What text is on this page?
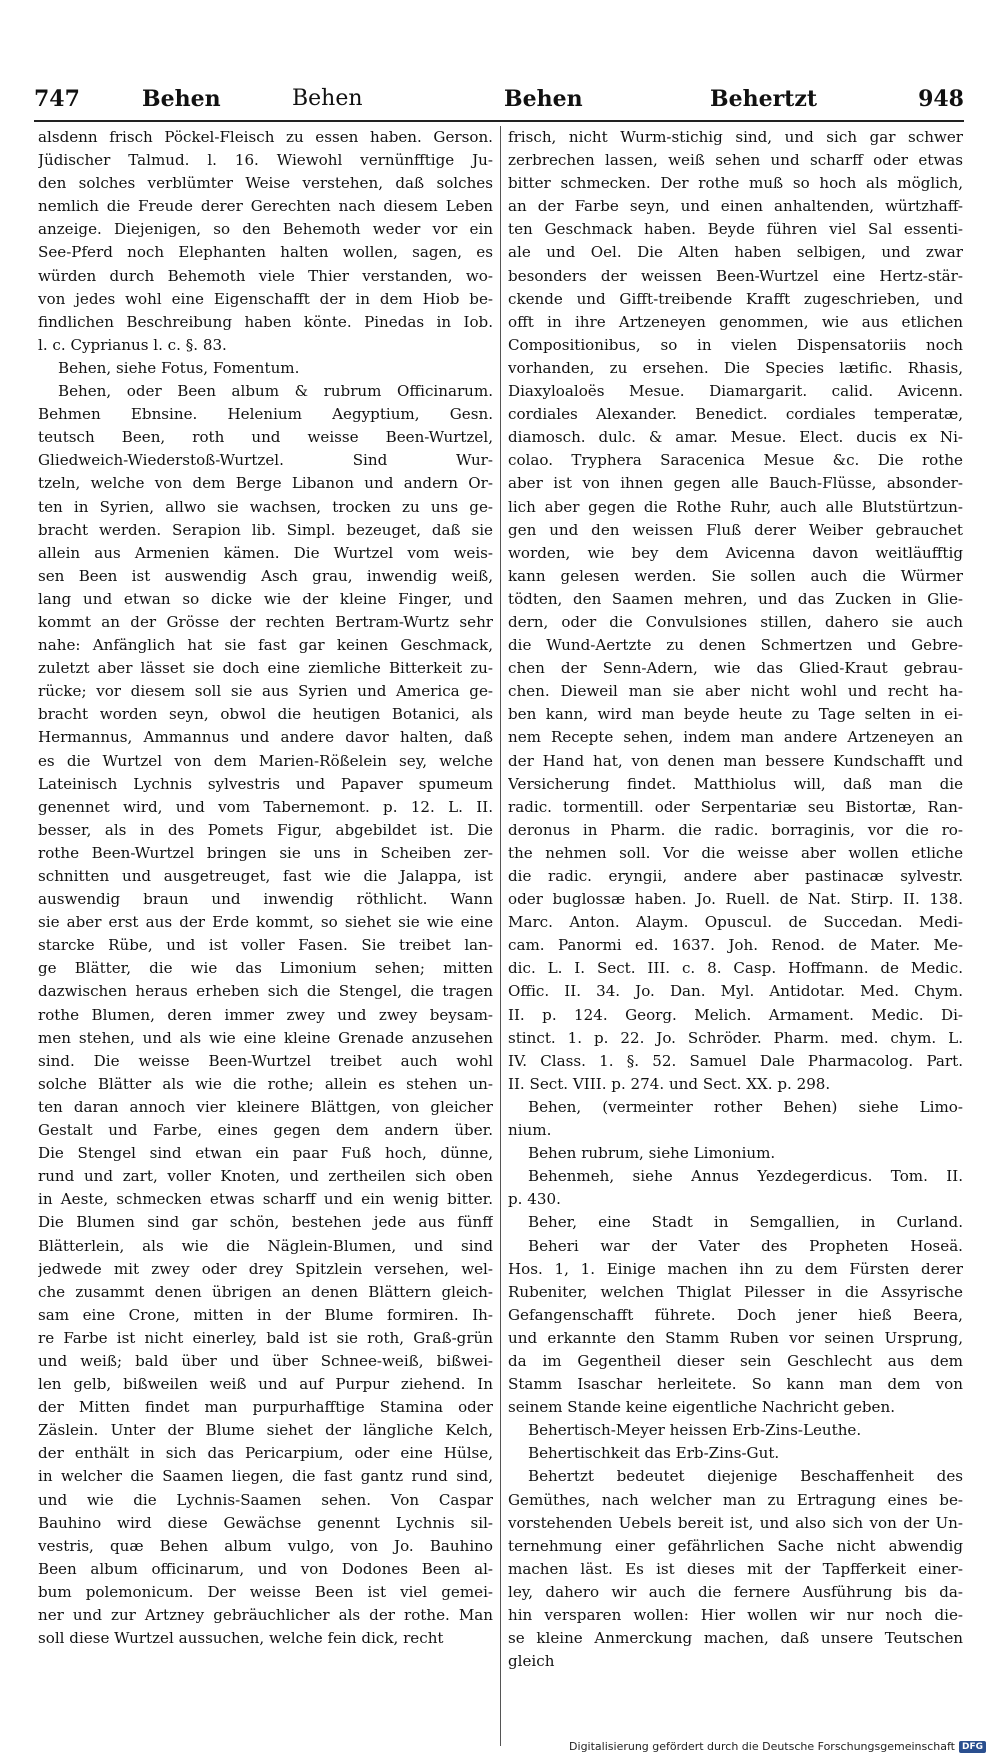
747	Behen	Behen	Behen	Behertzt	948
alsdenn frisch Pöckel-Fleisch zu essen haben. Gerson.
Jüdischer Talmud. l. 16. Wiewohl vernünfftige Ju-
den solches verblümter Weise verstehen, daß solches
nemlich die Freude derer Gerechten nach diesem Leben
anzeige. Diejenigen, so den Behemoth weder vor ein
See-Pferd noch Elephanten halten wollen, sagen, es
würden durch Behemoth viele Thier verstanden, wo-
von jedes wohl eine Eigenschafft der in dem Hiob be-
findlichen Beschreibung haben könte. Pinedas in Iob.
l. c. Cyprianus l. c. §. 83.
Behen, siehe Fotus, Fomentum.
Behen, oder Been album & rubrum Officinarum.
Behmen Ebnsine. Helenium Aegyptium, Gesn.
teutsch Been, roth und weisse Been-Wurtzel,
Gliedweich-Wiederstoß-Wurtzel. Sind Wur-
tzeln, welche von dem Berge Libanon und andern Or-
ten in Syrien, allwo sie wachsen, trocken zu uns ge-
bracht werden. Serapion lib. Simpl. bezeuget, daß sie
allein aus Armenien kämen. Die Wurtzel vom weis-
sen Been ist auswendig Asch grau, inwendig weiß,
lang und etwan so dicke wie der kleine Finger, und
kommt an der Grösse der rechten Bertram-Wurtz sehr
nahe: Anfänglich hat sie fast gar keinen Geschmack,
zuletzt aber lässet sie doch eine ziemliche Bitterkeit zu-
rücke; vor diesem soll sie aus Syrien und America ge-
bracht worden seyn, obwol die heutigen Botanici, als
Hermannus, Ammannus und andere davor halten, daß
es die Wurtzel von dem Marien-Rößelein sey, welche
Lateinisch Lychnis sylvestris und Papaver spumeum
genennet wird, und vom Tabernemont. p. 12. L. II.
besser, als in des Pomets Figur, abgebildet ist. Die
rothe Been-Wurtzel bringen sie uns in Scheiben zer-
schnitten und ausgetreuget, fast wie die Jalappa, ist
auswendig braun und inwendig röthlicht. Wann
sie aber erst aus der Erde kommt, so siehet sie wie eine
starcke Rübe, und ist voller Fasen. Sie treibet lan-
ge Blätter, die wie das Limonium sehen; mitten
dazwischen heraus erheben sich die Stengel, die tragen
rothe Blumen, deren immer zwey und zwey beysam-
men stehen, und als wie eine kleine Grenade anzusehen
sind. Die weisse Been-Wurtzel treibet auch wohl
solche Blätter als wie die rothe; allein es stehen un-
ten daran annoch vier kleinere Blättgen, von gleicher
Gestalt und Farbe, eines gegen dem andern über.
Die Stengel sind etwan ein paar Fuß hoch, dünne,
rund und zart, voller Knoten, und zertheilen sich oben
in Aeste, schmecken etwas scharff und ein wenig bitter.
Die Blumen sind gar schön, bestehen jede aus fünff
Blätterlein, als wie die Näglein-Blumen, und sind
jedwede mit zwey oder drey Spitzlein versehen, wel-
che zusammt denen übrigen an denen Blättern gleich-
sam eine Crone, mitten in der Blume formiren. Ih-
re Farbe ist nicht einerley, bald ist sie roth, Graß-grün
und weiß; bald über und über Schnee-weiß, bißwei-
len gelb, bißweilen weiß und auf Purpur ziehend. In
der Mitten findet man purpurhafftige Stamina oder
Zäslein. Unter der Blume siehet der längliche Kelch,
der enthält in sich das Pericarpium, oder eine Hülse,
in welcher die Saamen liegen, die fast gantz rund sind,
und wie die Lychnis-Saamen sehen. Von Caspar
Bauhino wird diese Gewächse genennt Lychnis sil-
vestris, quæ Behen album vulgo, von Jo. Bauhino
Been album officinarum, und von Dodones Been al-
bum polemonicum. Der weisse Been ist viel gemei-
ner und zur Artzney gebräuchlicher als der rothe. Man
soll diese Wurtzel aussuchen, welche fein dick, recht
frisch, nicht Wurm-stichig sind, und sich gar schwer
zerbrechen lassen, weiß sehen und scharff oder etwas
bitter schmecken. Der rothe muß so hoch als möglich,
an der Farbe seyn, und einen anhaltenden, würtzhaff-
ten Geschmack haben. Beyde führen viel Sal essenti-
ale und Oel. Die Alten haben selbigen, und zwar
besonders der weissen Been-Wurtzel eine Hertz-stär-
ckende und Gifft-treibende Krafft zugeschrieben, und
offt in ihre Artzeneyen genommen, wie aus etlichen
Compositionibus, so in vielen Dispensatoriis noch
vorhanden, zu ersehen. Die Species lætific. Rhasis,
Diaxyloaloës Mesue. Diamargarit. calid. Avicenn.
cordiales Alexander. Benedict. cordiales temperatæ,
diamosch. dulc. & amar. Mesue. Elect. ducis ex Ni-
colao. Tryphera Saracenica Mesue &c. Die rothe
aber ist von ihnen gegen alle Bauch-Flüsse, absonder-
lich aber gegen die Rothe Ruhr, auch alle Blutstürtzun-
gen und den weissen Fluß derer Weiber gebrauchet
worden, wie bey dem Avicenna davon weitläufftig
kann gelesen werden. Sie sollen auch die Würmer
tödten, den Saamen mehren, und das Zucken in Glie-
dern, oder die Convulsiones stillen, dahero sie auch
die Wund-Aertzte zu denen Schmertzen und Gebre-
chen der Senn-Adern, wie das Glied-Kraut gebrau-
chen. Dieweil man sie aber nicht wohl und recht ha-
ben kann, wird man beyde heute zu Tage selten in ei-
nem Recepte sehen, indem man andere Artzeneyen an
der Hand hat, von denen man bessere Kundschafft und
Versicherung findet. Matthiolus will, daß man die
radic. tormentill. oder Serpentariæ seu Bistortæ, Ran-
deronus in Pharm. die radic. borraginis, vor die ro-
the nehmen soll. Vor die weisse aber wollen etliche
die radic. eryngii, andere aber pastinacæ sylvestr.
oder buglossæ haben. Jo. Ruell. de Nat. Stirp. II. 138.
Marc. Anton. Alaym. Opuscul. de Succedan. Medi-
cam. Panormi ed. 1637. Joh. Renod. de Mater. Me-
dic. L. I. Sect. III. c. 8. Casp. Hoffmann. de Medic.
Offic. II. 34. Jo. Dan. Myl. Antidotar. Med. Chym.
II. p. 124. Georg. Melich. Armament. Medic. Di-
stinct. 1. p. 22. Jo. Schröder. Pharm. med. chym. L.
IV. Class. 1. §. 52. Samuel Dale Pharmacolog. Part.
II. Sect. VIII. p. 274. und Sect. XX. p. 298.
Behen, (vermeinter rother Behen) siehe Limo-
nium.
Behen rubrum, siehe Limonium.
Behenmeh, siehe Annus Yezdegerdicus. Tom. II.
p. 430.
Beher, eine Stadt in Semgallien, in Curland.
Beheri war der Vater des Propheten Hoseä.
Hos. 1, 1. Einige machen ihn zu dem Fürsten derer
Rubeniter, welchen Thiglat Pilesser in die Assyrische
Gefangenschafft führete. Doch jener hieß Beera,
und erkannte den Stamm Ruben vor seinen Ursprung,
da im Gegentheil dieser sein Geschlecht aus dem
Stamm Isaschar herleitete. So kann man dem von
seinem Stande keine eigentliche Nachricht geben.
Behertisch-Meyer heissen Erb-Zins-Leuthe.
Behertischkeit das Erb-Zins-Gut.
Behertzt bedeutet diejenige Beschaffenheit des
Gemüthes, nach welcher man zu Ertragung eines be-
vorstehenden Uebels bereit ist, und also sich von der Un-
ternehmung einer gefährlichen Sache nicht abwendig
machen läst. Es ist dieses mit der Tapfferkeit einer-
ley, dahero wir auch die fernere Ausführung bis da-
hin versparen wollen: Hier wollen wir nur noch die-
se kleine Anmerckung machen, daß unsere Teutschen
gleich
Digitalisierung gefördert durch die Deutsche Forschungsgemeinschaft DFG
